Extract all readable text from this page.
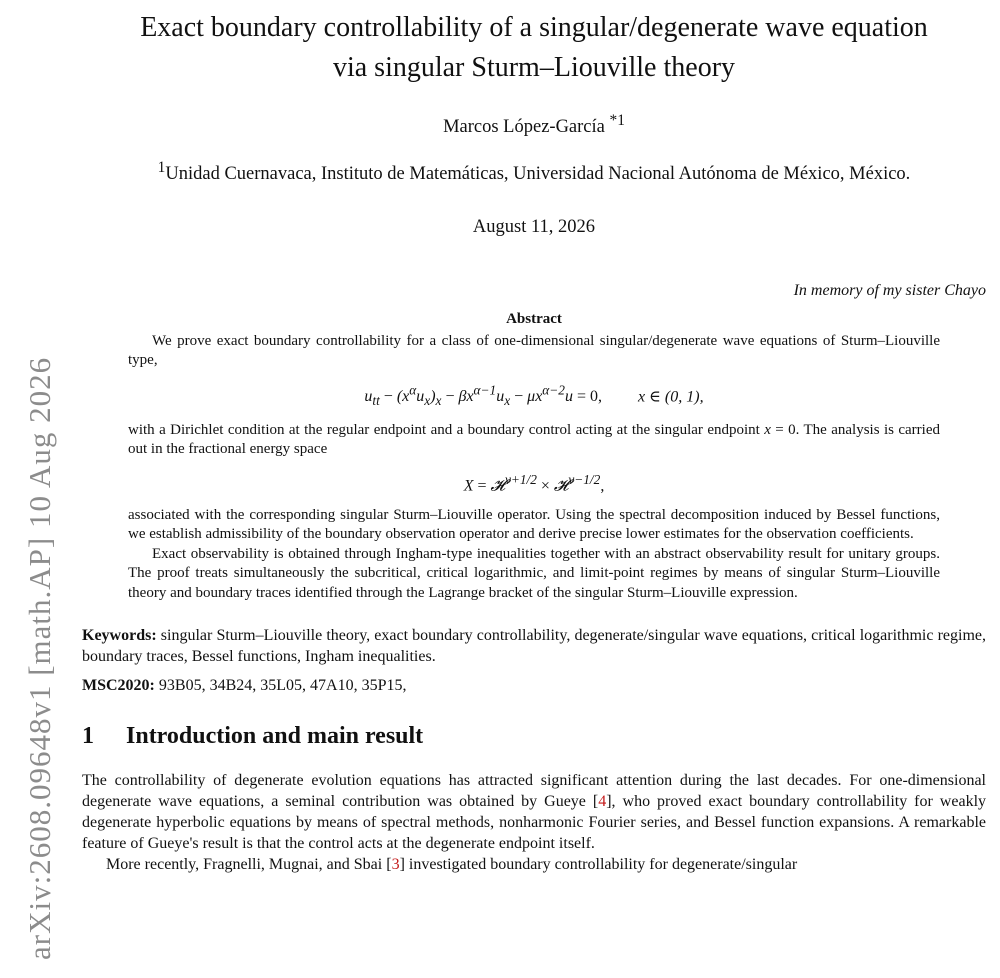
arXiv:2608.09648v1 [math.AP] 10 Aug 2026
Exact boundary controllability of a singular/degenerate wave equation
via singular Sturm–Liouville theory
Marcos López-García $^{*1}$
$^1$Unidad Cuernavaca, Instituto de Matemáticas, Universidad Nacional Autónoma de México, México.
August 11, 2026
In memory of my sister Chayo
Abstract

We prove exact boundary controllability for a class of one-dimensional singular/degenerate wave equations of Sturm–Liouville type,

$u_{tt} - (x^\alpha u_x)_x - \beta x^{\alpha-1}u_x - \mu x^{\alpha-2}u = 0$, x ∈ (0, 1),

with a Dirichlet condition at the regular endpoint and a boundary control acting at the singular endpoint x = 0. The analysis is carried out in the fractional energy space

X = 𝓗$^{\nu+1/2}$ × 𝓗$^{\nu-1/2}$,

associated with the corresponding singular Sturm–Liouville operator. Using the spectral decomposition induced by Bessel functions, we establish admissibility of the boundary observation operator and derive precise lower estimates for the observation coefficients.

Exact observability is obtained through Ingham-type inequalities together with an abstract observability result for unitary groups. The proof treats simultaneously the subcritical, critical logarithmic, and limit-point regimes by means of singular Sturm–Liouville theory and boundary traces identified through the Lagrange bracket of the singular Sturm–Liouville expression.

Keywords: singular Sturm–Liouville theory, exact boundary controllability, degenerate/singular wave equations, critical logarithmic regime, boundary traces, Bessel functions, Ingham inequalities.
MSC2020: 93B05, 34B24, 35L05, 47A10, 35P15,
1 Introduction and main result

The controllability of degenerate evolution equations has attracted significant attention during the last decades. For one-dimensional degenerate wave equations, a seminal contribution was obtained by Gueye [4], who proved exact boundary controllability for weakly degenerate hyperbolic equations by means of spectral methods, nonharmonic Fourier series, and Bessel function expansions. A remarkable feature of Gueye's result is that the control acts at the degenerate endpoint itself.

More recently, Fragnelli, Mugnai, and Sbai [3] investigated boundary controllability for degenerate/singular
